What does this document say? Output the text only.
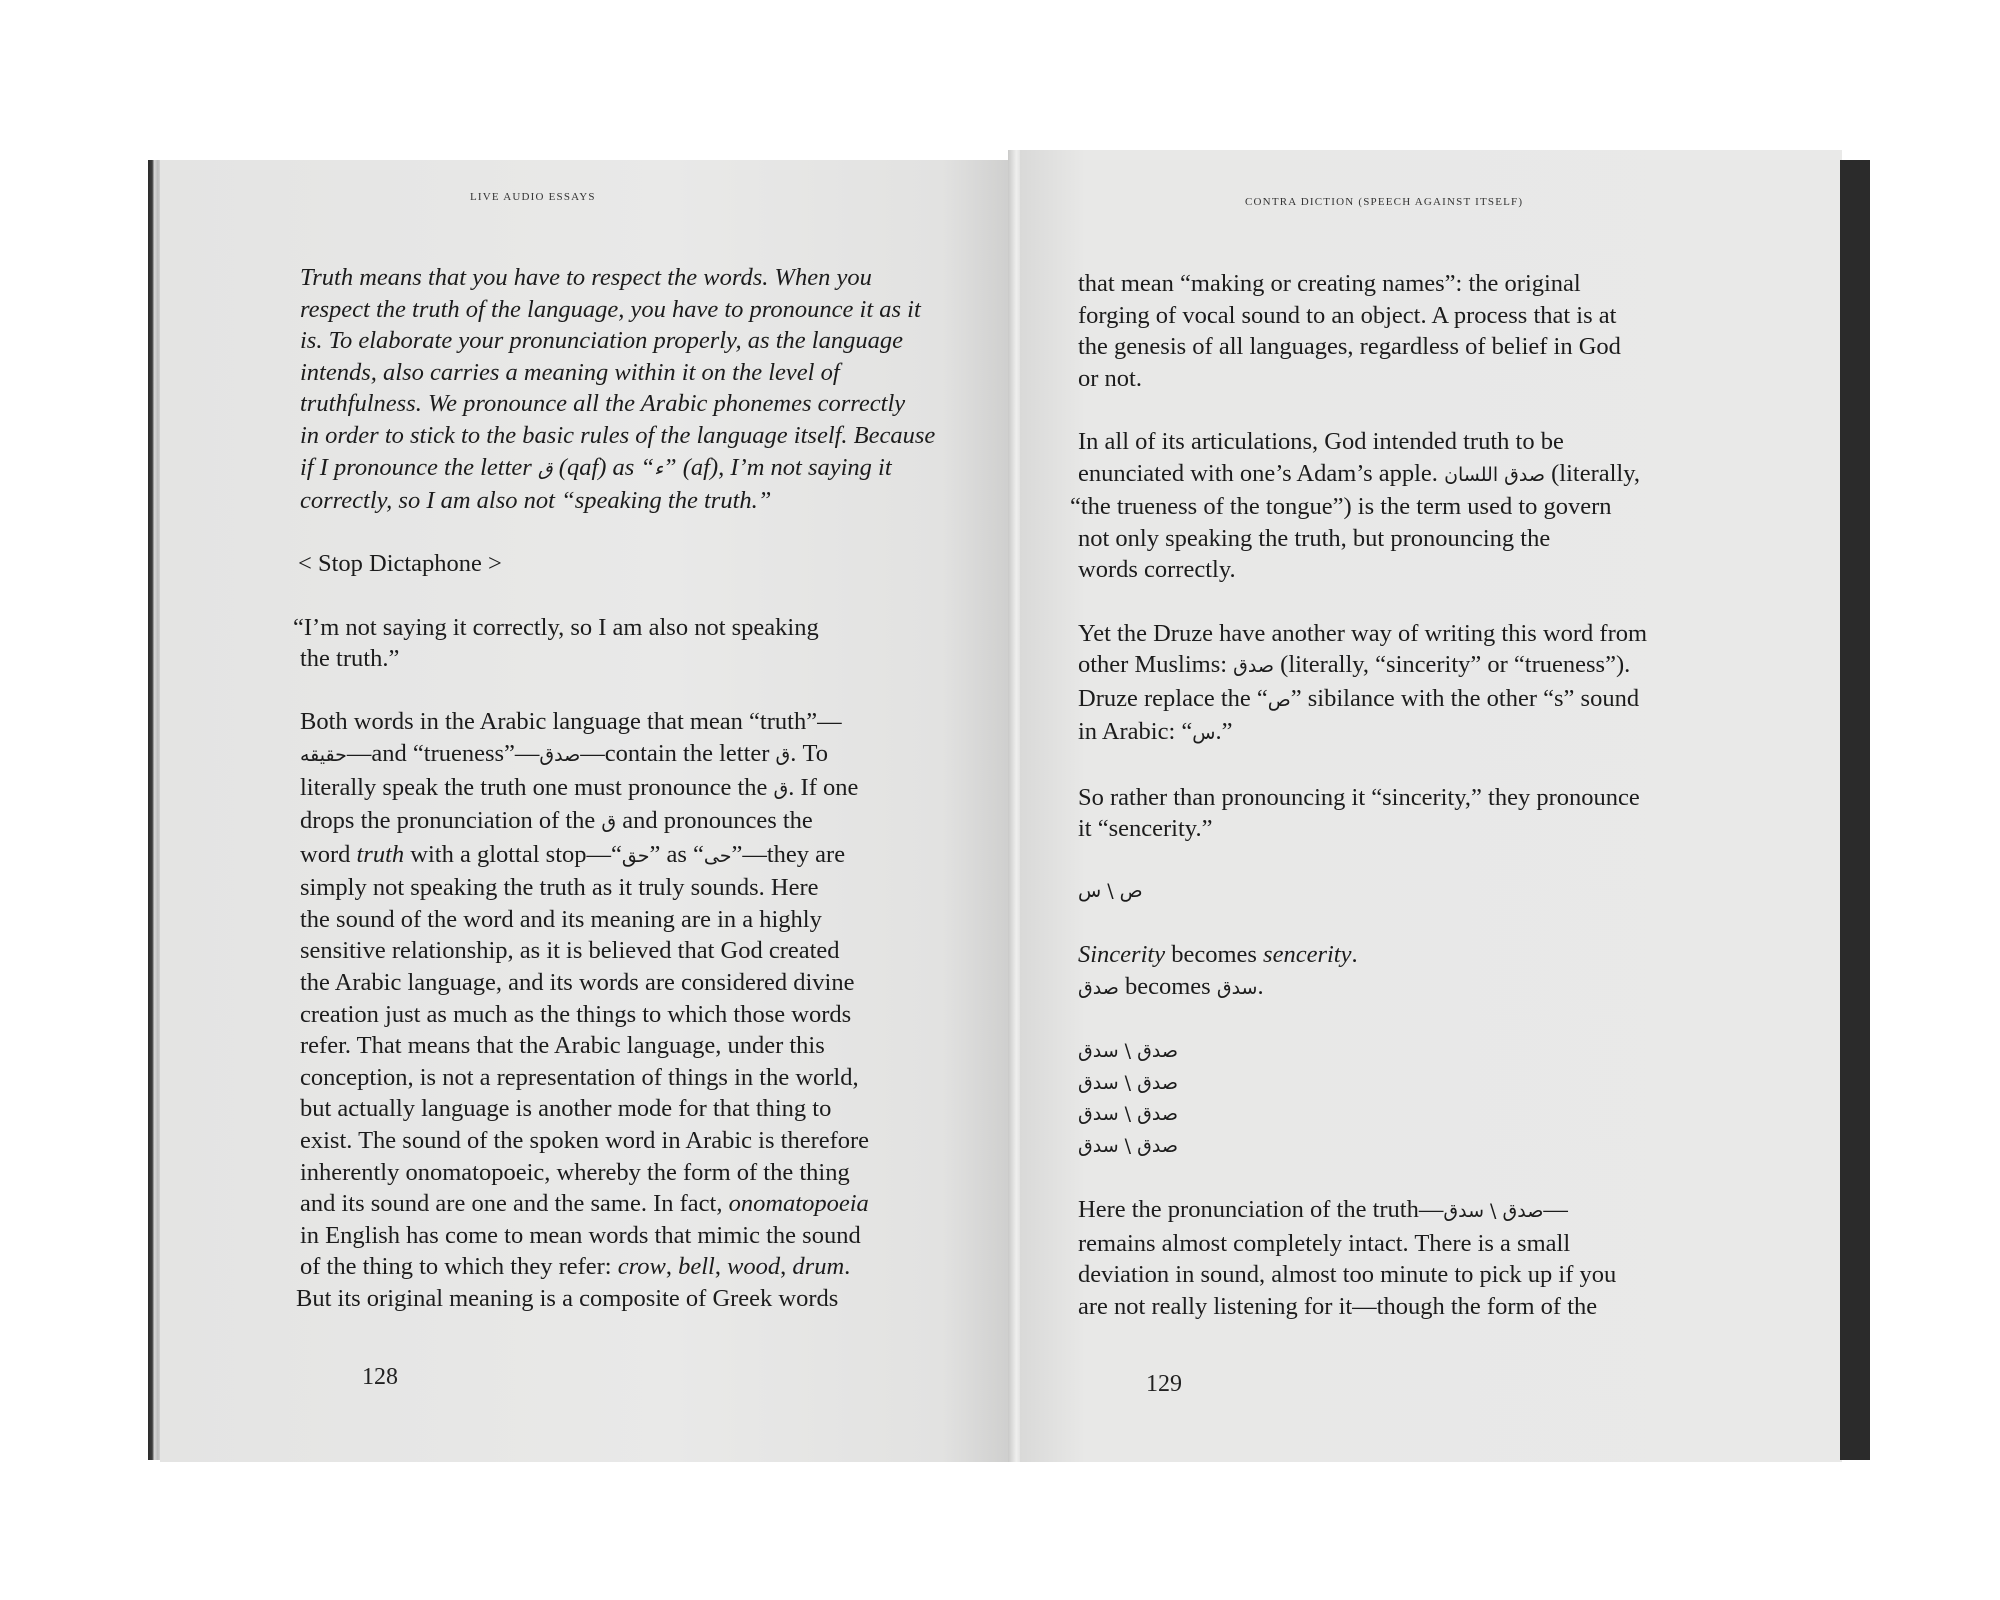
LIVE AUDIO ESSAYS

Truth means that you have to respect the words. When you
respect the truth of the language, you have to pronounce it as it
is. To elaborate your pronunciation properly, as the language
intends, also carries a meaning within it on the level of
truthfulness. We pronounce all the Arabic phonemes correctly
in order to stick to the basic rules of the language itself. Because
if I pronounce the letter ق (qaf) as “ء” (af), I’m not saying it
correctly, so I am also not “speaking the truth.”

< Stop Dictaphone >

“I’m not saying it correctly, so I am also not speaking
the truth.”

Both words in the Arabic language that mean “truth”—
حقيقه—and “trueness”—صدق—contain the letter ق. To
literally speak the truth one must pronounce the ق. If one
drops the pronunciation of the ق and pronounces the
word truth with a glottal stop—“حق” as “حى”—they are
simply not speaking the truth as it truly sounds. Here
the sound of the word and its meaning are in a highly
sensitive relationship, as it is believed that God created
the Arabic language, and its words are considered divine
creation just as much as the things to which those words
refer. That means that the Arabic language, under this
conception, is not a representation of things in the world,
but actually language is another mode for that thing to
exist. The sound of the spoken word in Arabic is therefore
inherently onomatopoeic, whereby the form of the thing
and its sound are one and the same. In fact, onomatopoeia
in English has come to mean words that mimic the sound
of the thing to which they refer: crow, bell, wood, drum.
But its original meaning is a composite of Greek words

128
CONTRA DICTION (SPEECH AGAINST ITSELF)

that mean “making or creating names”: the original
forging of vocal sound to an object. A process that is at
the genesis of all languages, regardless of belief in God
or not.

In all of its articulations, God intended truth to be
enunciated with one’s Adam’s apple. صدق اللسان (literally,
“the trueness of the tongue”) is the term used to govern
not only speaking the truth, but pronouncing the
words correctly.

Yet the Druze have another way of writing this word from
other Muslims: صدق (literally, “sincerity” or “trueness”).
Druze replace the “ص” sibilance with the other “s” sound
in Arabic: “س.”

So rather than pronouncing it “sincerity,” they pronounce
it “sencerity.”

ص \ س

Sincerity becomes sencerity.
صدق becomes سدق.

صدق \ سدق
صدق \ سدق
صدق \ سدق
صدق \ سدق

Here the pronunciation of the truth—صدق \ سدق—
remains almost completely intact. There is a small
deviation in sound, almost too minute to pick up if you
are not really listening for it—though the form of the

129
